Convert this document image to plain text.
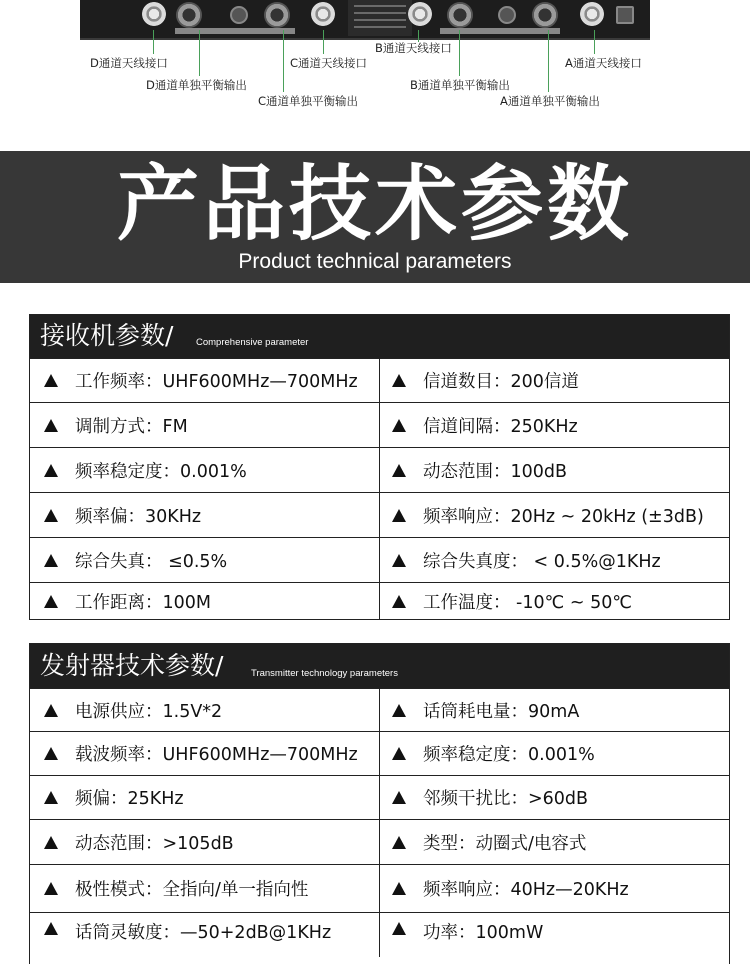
D通道天线接口
D通道单独平衡输出
C通道天线接口
C通道单独平衡输出
B通道天线接口
B通道单独平衡输出
A通道天线接口
A通道单独平衡输出
产品技术参数
Product technical parameters
接收机参数/ Comprehensive parameter
工作频率：UHF600MHz—700MHz	信道数目：200信道
调制方式：FM	信道间隔：250KHz
频率稳定度：0.001%	动态范围：100dB
频率偏：30KHz	频率响应：20Hz ~ 20kHz (±3dB)
综合失真： ≤0.5%	综合失真度： < 0.5%@1KHz
工作距离：100M	工作温度： -10℃ ~ 50℃
发射器技术参数/	Transmitter technology parameters
电源供应：1.5V*2	话筒耗电量：90mA
载波频率：UHF600MHz—700MHz	频率稳定度：0.001%
频偏：25KHz	邻频干扰比：>60dB
动态范围：>105dB	类型：动圈式/电容式
极性模式：全指向/单一指向性	频率响应：40Hz—20KHz
话筒灵敏度：—50+2dB@1KHz	功率：100mW
